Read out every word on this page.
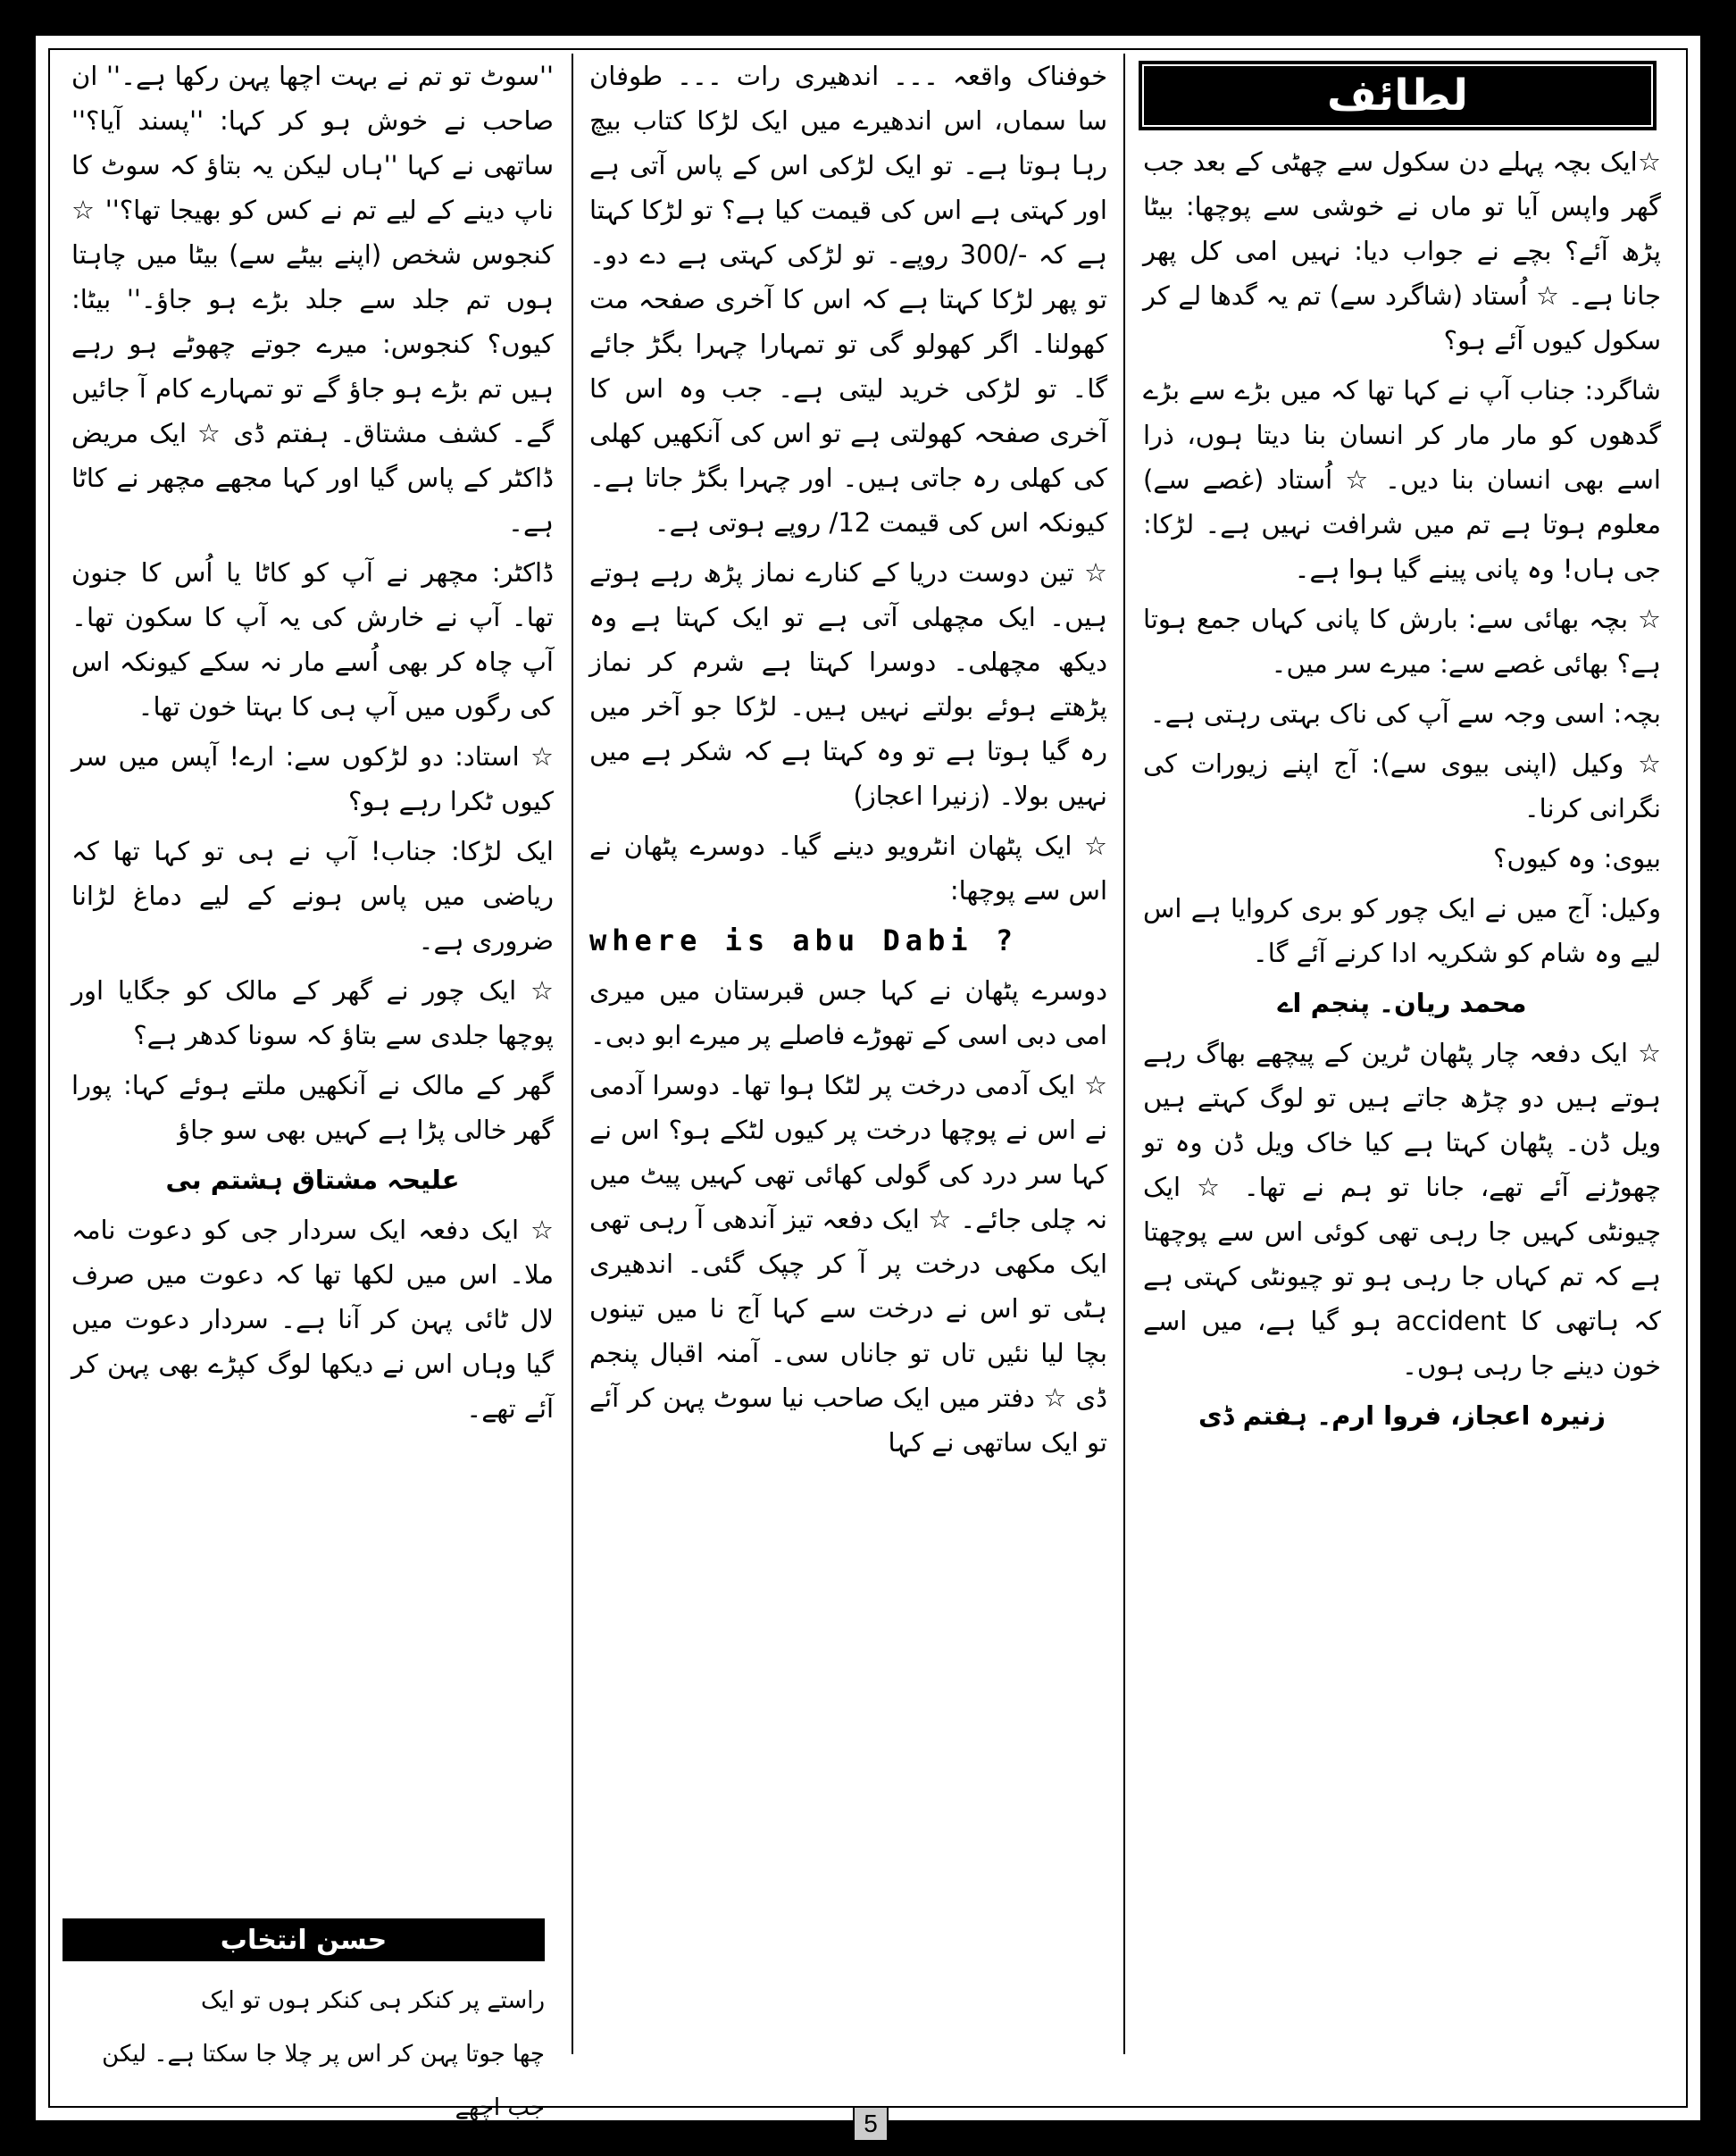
لطائف

☆ایک بچہ پہلے دن سکول سے چھٹی کے بعد جب گھر واپس آیا تو ماں نے خوشی سے پوچھا: بیٹا پڑھ آئے؟ بچے نے جواب دیا: نہیں امی کل پھر جانا ہے۔ ☆ اُستاد (شاگرد سے) تم یہ گدھا لے کر سکول کیوں آئے ہو؟

شاگرد: جناب آپ نے کہا تھا کہ میں بڑے سے بڑے گدھوں کو مار مار کر انسان بنا دیتا ہوں، ذرا اسے بھی انسان بنا دیں۔ ☆ اُستاد (غصے سے) معلوم ہوتا ہے تم میں شرافت نہیں ہے۔ لڑکا: جی ہاں! وہ پانی پینے گیا ہوا ہے۔

☆ بچہ بھائی سے: بارش کا پانی کہاں جمع ہوتا ہے؟ بھائی غصے سے: میرے سر میں۔

بچہ: اسی وجہ سے آپ کی ناک بہتی رہتی ہے۔

☆ وکیل (اپنی بیوی سے): آج اپنے زیورات کی نگرانی کرنا۔

بیوی: وہ کیوں؟

وکیل: آج میں نے ایک چور کو بری کروایا ہے اس لیے وہ شام کو شکریہ ادا کرنے آئے گا۔

محمد ریان۔ پنجم اے

☆ ایک دفعہ چار پٹھان ٹرین کے پیچھے بھاگ رہے ہوتے ہیں دو چڑھ جاتے ہیں تو لوگ کہتے ہیں ویل ڈن۔ پٹھان کہتا ہے کیا خاک ویل ڈن وہ تو چھوڑنے آئے تھے، جانا تو ہم نے تھا۔ ☆ ایک چیونٹی کہیں جا رہی تھی کوئی اس سے پوچھتا ہے کہ تم کہاں جا رہی ہو تو چیونٹی کہتی ہے کہ ہاتھی کا accident ہو گیا ہے، میں اسے خون دینے جا رہی ہوں۔

زنیرہ اعجاز، فروا ارم۔ ہفتم ڈی

خوفناک واقعہ ۔۔۔ اندھیری رات ۔۔۔ طوفان سا سماں، اس اندھیرے میں ایک لڑکا کتاب بیچ رہا ہوتا ہے۔ تو ایک لڑکی اس کے پاس آتی ہے اور کہتی ہے اس کی قیمت کیا ہے؟ تو لڑکا کہتا ہے کہ -/300 روپے۔ تو لڑکی کہتی ہے دے دو۔ تو پھر لڑکا کہتا ہے کہ اس کا آخری صفحہ مت کھولنا۔ اگر کھولو گی تو تمہارا چہرا بگڑ جائے گا۔ تو لڑکی خرید لیتی ہے۔ جب وہ اس کا آخری صفحہ کھولتی ہے تو اس کی آنکھیں کھلی کی کھلی رہ جاتی ہیں۔ اور چہرا بگڑ جاتا ہے۔ کیونکہ اس کی قیمت 12/ روپے ہوتی ہے۔

☆ تین دوست دریا کے کنارے نماز پڑھ رہے ہوتے ہیں۔ ایک مچھلی آتی ہے تو ایک کہتا ہے وہ دیکھ مچھلی۔ دوسرا کہتا ہے شرم کر نماز پڑھتے ہوئے بولتے نہیں ہیں۔ لڑکا جو آخر میں رہ گیا ہوتا ہے تو وہ کہتا ہے کہ شکر ہے میں نہیں بولا۔ (زنیرا اعجاز)

☆ ایک پٹھان انٹرویو دینے گیا۔ دوسرے پٹھان نے اس سے پوچھا:

where is abu Dabi ?

دوسرے پٹھان نے کہا جس قبرستان میں میری امی دبی اسی کے تھوڑے فاصلے پر میرے ابو دبی۔

☆ ایک آدمی درخت پر لٹکا ہوا تھا۔ دوسرا آدمی نے اس نے پوچھا درخت پر کیوں لٹکے ہو؟ اس نے کہا سر درد کی گولی کھائی تھی کہیں پیٹ میں نہ چلی جائے۔ ☆ ایک دفعہ تیز آندھی آ رہی تھی ایک مکھی درخت پر آ کر چپک گئی۔ اندھیری ہٹی تو اس نے درخت سے کہا آج نا میں تینوں بچا لیا نئیں تاں تو جاناں سی۔ آمنہ اقبال پنجم ڈی ☆ دفتر میں ایک صاحب نیا سوٹ پہن کر آئے تو ایک ساتھی نے کہا

''سوٹ تو تم نے بہت اچھا پہن رکھا ہے۔'' ان صاحب نے خوش ہو کر کہا: ''پسند آیا؟'' ساتھی نے کہا ''ہاں لیکن یہ بتاؤ کہ سوٹ کا ناپ دینے کے لیے تم نے کس کو بھیجا تھا؟'' ☆ کنجوس شخص (اپنے بیٹے سے) بیٹا میں چاہتا ہوں تم جلد سے جلد بڑے ہو جاؤ۔'' بیٹا: کیوں؟ کنجوس: میرے جوتے چھوٹے ہو رہے ہیں تم بڑے ہو جاؤ گے تو تمہارے کام آ جائیں گے۔ کشف مشتاق۔ ہفتم ڈی ☆ ایک مریض ڈاکٹر کے پاس گیا اور کہا مجھے مچھر نے کاٹا ہے۔

ڈاکٹر: مچھر نے آپ کو کاٹا یا اُس کا جنون تھا۔ آپ نے خارش کی یہ آپ کا سکون تھا۔ آپ چاہ کر بھی اُسے مار نہ سکے کیونکہ اس کی رگوں میں آپ ہی کا بہتا خون تھا۔

☆ استاد: دو لڑکوں سے: ارے! آپس میں سر کیوں ٹکرا رہے ہو؟

ایک لڑکا: جناب! آپ نے ہی تو کہا تھا کہ ریاضی میں پاس ہونے کے لیے دماغ لڑانا ضروری ہے۔

☆ ایک چور نے گھر کے مالک کو جگایا اور پوچھا جلدی سے بتاؤ کہ سونا کدھر ہے؟

گھر کے مالک نے آنکھیں ملتے ہوئے کہا: پورا گھر خالی پڑا ہے کہیں بھی سو جاؤ

علیحہ مشتاق ہشتم بی

☆ ایک دفعہ ایک سردار جی کو دعوت نامہ ملا۔ اس میں لکھا تھا کہ دعوت میں صرف لال ٹائی پہن کر آنا ہے۔ سردار دعوت میں گیا وہاں اس نے دیکھا لوگ کپڑے بھی پہن کر آئے تھے۔

حسن انتخاب
راستے پر کنکر ہی کنکر ہوں تو ایک
چھا جوتا پہن کر اس پر چلا جا سکتا ہے۔ لیکن جب اچھے
5
